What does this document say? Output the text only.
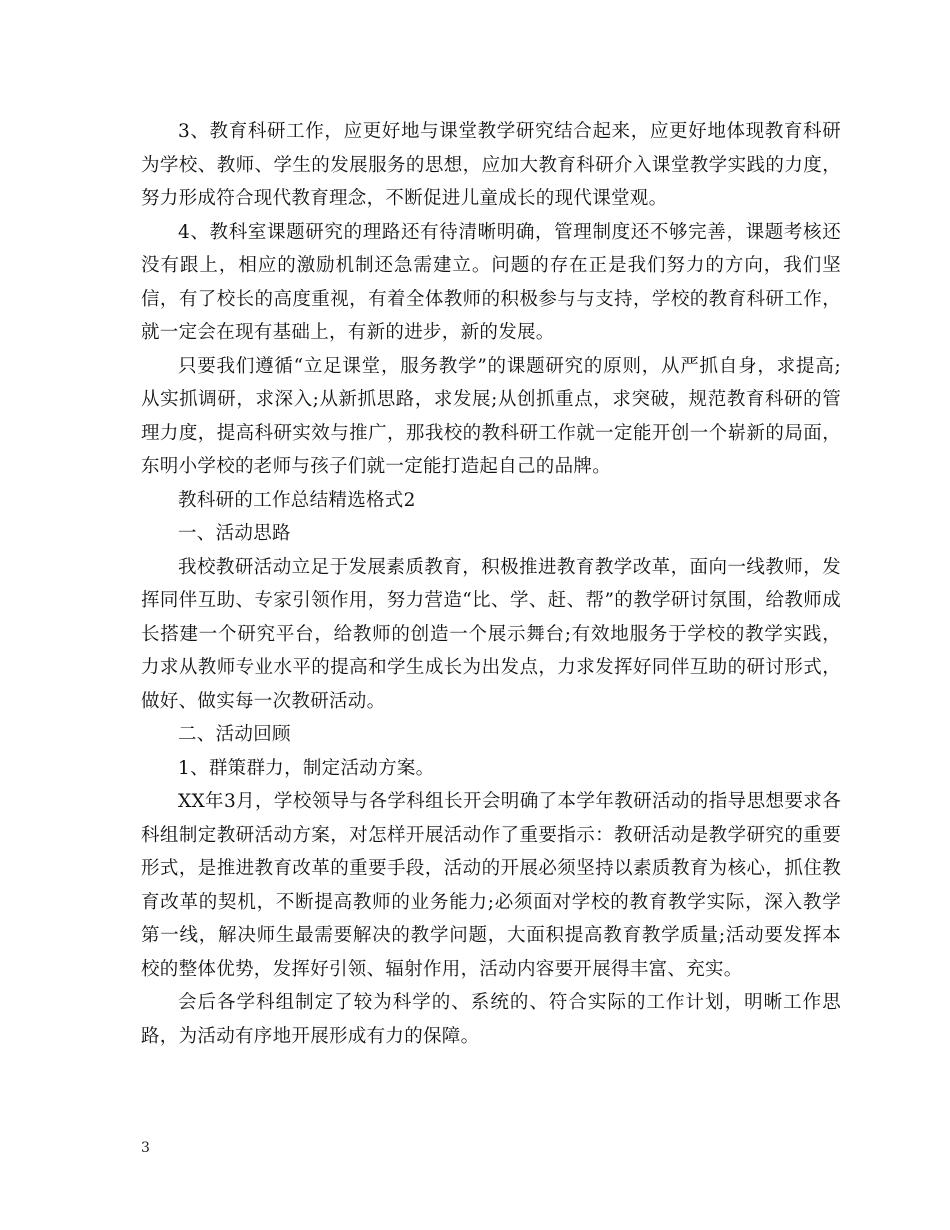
3、教育科研工作，应更好地与课堂教学研究结合起来，应更好地体现教育科研为学校、教师、学生的发展服务的思想，应加大教育科研介入课堂教学实践的力度，努力形成符合现代教育理念，不断促进儿童成长的现代课堂观。

4、教科室课题研究的理路还有待清晰明确，管理制度还不够完善，课题考核还没有跟上，相应的激励机制还急需建立。问题的存在正是我们努力的方向，我们坚信，有了校长的高度重视，有着全体教师的积极参与与支持，学校的教育科研工作，就一定会在现有基础上，有新的进步，新的发展。

只要我们遵循“立足课堂，服务教学”的课题研究的原则，从严抓自身，求提高;从实抓调研，求深入;从新抓思路，求发展;从创抓重点，求突破，规范教育科研的管理力度，提高科研实效与推广，那我校的教科研工作就一定能开创一个崭新的局面，东明小学校的老师与孩子们就一定能打造起自己的品牌。

教科研的工作总结精选格式2

一、活动思路

我校教研活动立足于发展素质教育，积极推进教育教学改革，面向一线教师，发挥同伴互助、专家引领作用，努力营造“比、学、赶、帮”的教学研讨氛围，给教师成长搭建一个研究平台，给教师的创造一个展示舞台;有效地服务于学校的教学实践，力求从教师专业水平的提高和学生成长为出发点，力求发挥好同伴互助的研讨形式，做好、做实每一次教研活动。

二、活动回顾

1、群策群力，制定活动方案。

XX年3月，学校领导与各学科组长开会明确了本学年教研活动的指导思想要求各科组制定教研活动方案，对怎样开展活动作了重要指示：教研活动是教学研究的重要形式，是推进教育改革的重要手段，活动的开展必须坚持以素质教育为核心，抓住教育改革的契机，不断提高教师的业务能力;必须面对学校的教育教学实际，深入教学第一线，解决师生最需要解决的教学问题，大面积提高教育教学质量;活动要发挥本校的整体优势，发挥好引领、辐射作用，活动内容要开展得丰富、充实。

会后各学科组制定了较为科学的、系统的、符合实际的工作计划，明晰工作思路，为活动有序地开展形成有力的保障。

3
